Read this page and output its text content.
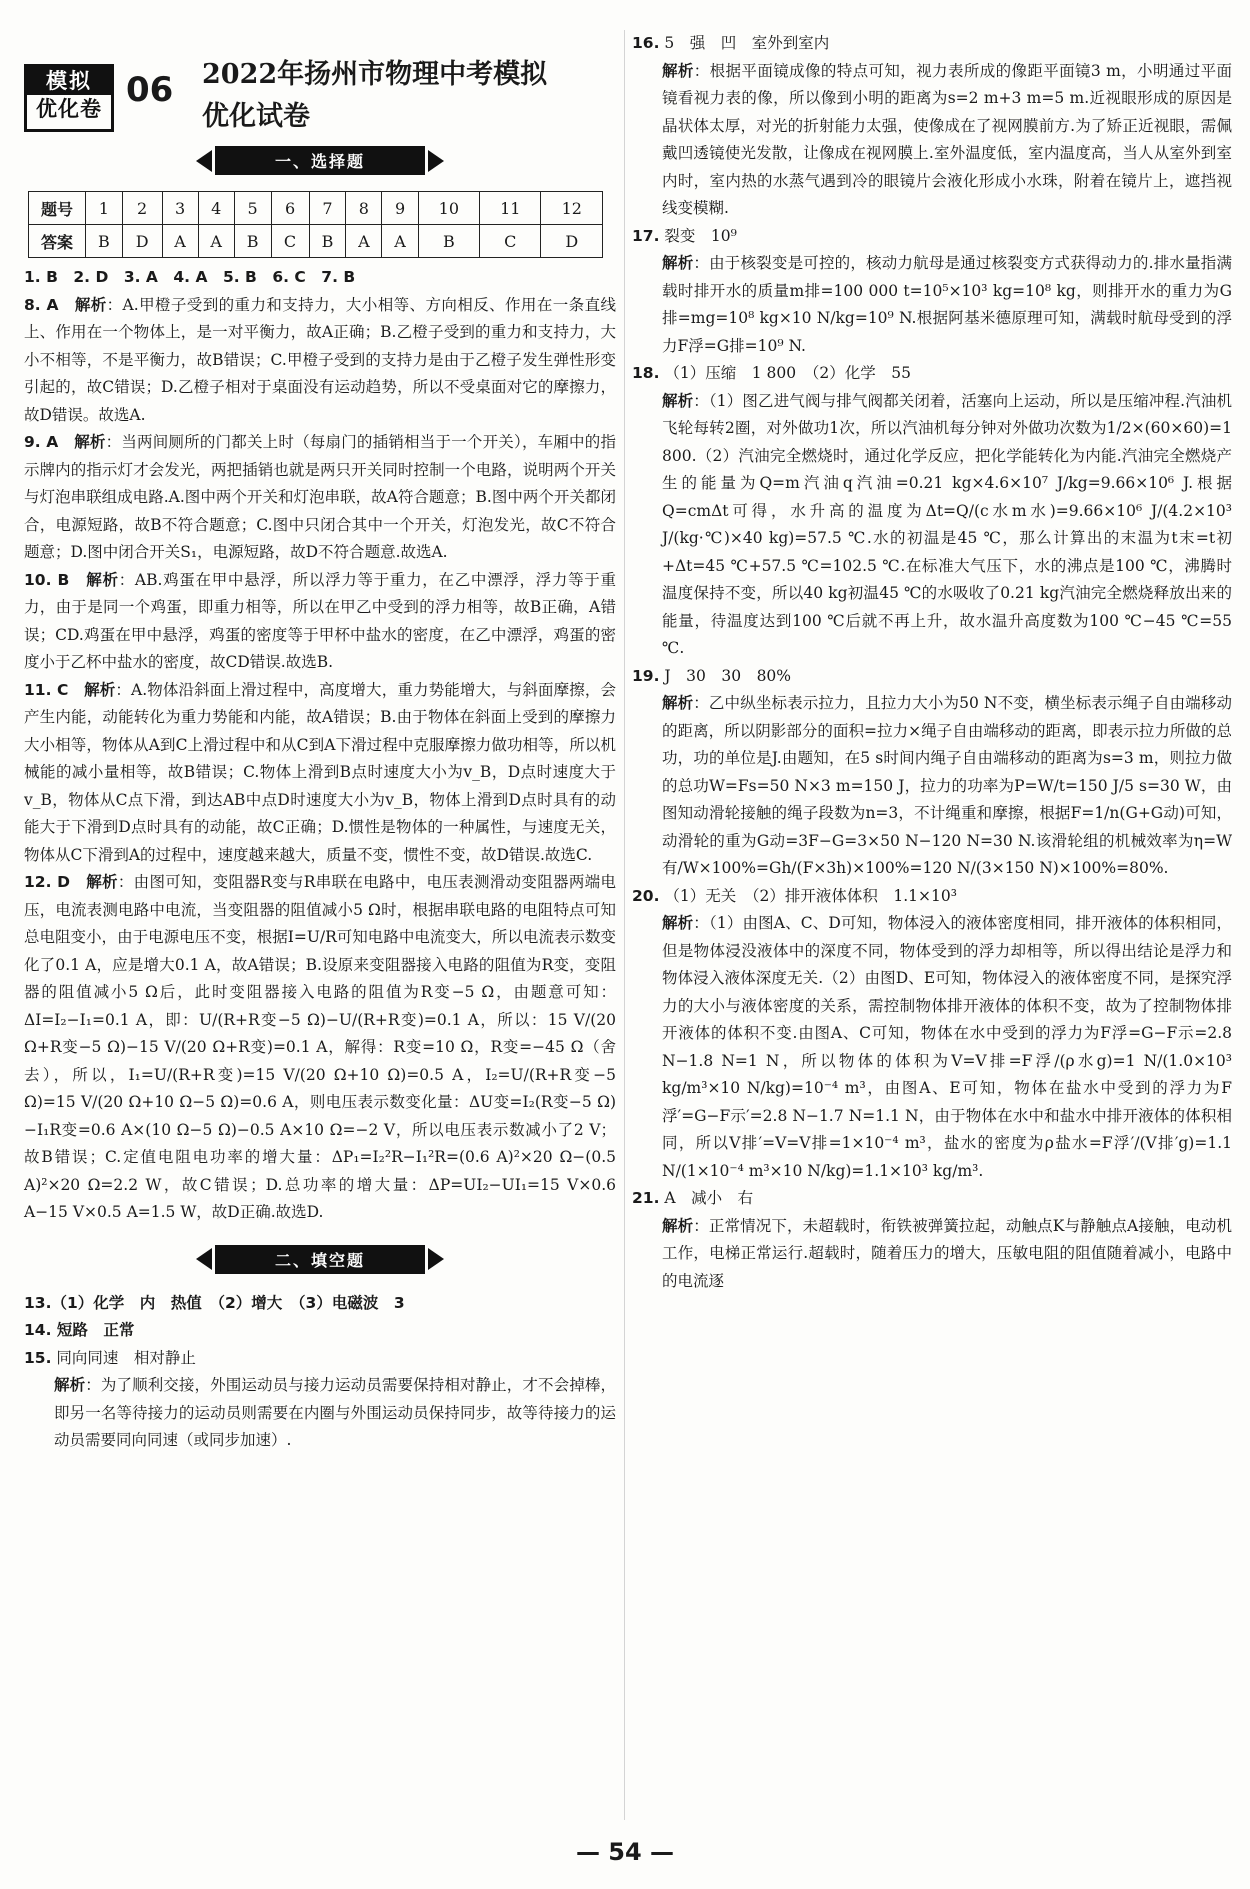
模拟
优化卷 06	2022年扬州市物理中考模拟
优化试卷
一、选择题
题号	1	2	3	4	5	6	7	8	9	10	11	12
答案	B	D	A	A	B	C	B	A	A	B	C	D

1. B　2. D　3. A　4. A　5. B　6. C　7. B

8. A　 解析：A.甲橙子受到的重力和支持力，大小相等、方向相反、作用在一条直线上、作用在一个物体上，是一对平衡力，故A正确；B.乙橙子受到的重力和支持力，大小不相等，不是平衡力，故B错误；C.甲橙子受到的支持力是由于乙橙子发生弹性形变引起的，故C错误；D.乙橙子相对于桌面没有运动趋势，所以不受桌面对它的摩擦力，故D错误。故选A.

9. A　 解析：当两间厕所的门都关上时（每扇门的插销相当于一个开关），车厢中的指示牌内的指示灯才会发光，两把插销也就是两只开关同时控制一个电路，说明两个开关与灯泡串联组成电路.A.图中两个开关和灯泡串联，故A符合题意；B.图中两个开关都闭合，电源短路，故B不符合题意；C.图中只闭合其中一个开关，灯泡发光，故C不符合题意；D.图中闭合开关S₁，电源短路，故D不符合题意.故选A.

10. B　 解析：AB.鸡蛋在甲中悬浮，所以浮力等于重力，在乙中漂浮，浮力等于重力，由于是同一个鸡蛋，即重力相等，所以在甲乙中受到的浮力相等，故B正确，A错误；CD.鸡蛋在甲中悬浮，鸡蛋的密度等于甲杯中盐水的密度，在乙中漂浮，鸡蛋的密度小于乙杯中盐水的密度，故CD错误.故选B.

11. C　 解析：A.物体沿斜面上滑过程中，高度增大，重力势能增大，与斜面摩擦，会产生内能，动能转化为重力势能和内能，故A错误；B.由于物体在斜面上受到的摩擦力大小相等，物体从A到C上滑过程中和从C到A下滑过程中克服摩擦力做功相等，所以机械能的减小量相等，故B错误；C.物体上滑到B点时速度大小为v_B，D点时速度大于v_B，物体从C点下滑，到达AB中点D时速度大小为v_B，物体上滑到D点时具有的动能大于下滑到D点时具有的动能，故C正确；D.惯性是物体的一种属性，与速度无关，物体从C下滑到A的过程中，速度越来越大，质量不变，惯性不变，故D错误.故选C.

12. D　 解析：由图可知，变阻器R变与R串联在电路中，电压表测滑动变阻器两端电压，电流表测电路中电流，当变阻器的阻值减小5 Ω时，根据串联电路的电阻特点可知总电阻变小，由于电源电压不变，根据I=U/R可知电路中电流变大，所以电流表示数变化了0.1 A，应是增大0.1 A，故A错误；B.设原来变阻器接入电路的阻值为R变，变阻器的阻值减小5 Ω后，此时变阻器接入电路的阻值为R变−5 Ω，由题意可知：ΔI=I₂−I₁=0.1 A，即：U/(R+R变−5 Ω)−U/(R+R变)=0.1 A，所以：15 V/(20 Ω+R变−5 Ω)−15 V/(20 Ω+R变)=0.1 A，解得：R变=10 Ω，R变=−45 Ω（舍去），所以，I₁=U/(R+R变)=15 V/(20 Ω+10 Ω)=0.5 A，I₂=U/(R+R变−5 Ω)=15 V/(20 Ω+10 Ω−5 Ω)=0.6 A，则电压表示数变化量：ΔU变=I₂(R变−5 Ω)−I₁R变=0.6 A×(10 Ω−5 Ω)−0.5 A×10 Ω=−2 V，所以电压表示数减小了2 V；故B错误；C.定值电阻电功率的增大量：ΔP₁=I₂²R−I₁²R=(0.6 A)²×20 Ω−(0.5 A)²×20 Ω=2.2 W，故C错误；D.总功率的增大量：ΔP=UI₂−UI₁=15 V×0.6 A−15 V×0.5 A=1.5 W，故D正确.故选D.

二、填空题

13.（1）化学　内　热值　（2）增大　（3）电磁波　3

14. 短路　正常

15. 同向同速　相对静止

解析：为了顺利交接，外围运动员与接力运动员需要保持相对静止，才不会掉棒，即另一名等待接力的运动员则需要在内圈与外围运动员保持同步，故等待接力的运动员需要同向同速（或同步加速）.

16. 5　强　凹　室外到室内

解析：根据平面镜成像的特点可知，视力表所成的像距平面镜3 m，小明通过平面镜看视力表的像，所以像到小明的距离为s=2 m+3 m=5 m.近视眼形成的原因是晶状体太厚，对光的折射能力太强，使像成在了视网膜前方.为了矫正近视眼，需佩戴凹透镜使光发散，让像成在视网膜上.室外温度低，室内温度高，当人从室外到室内时，室内热的水蒸气遇到冷的眼镜片会液化形成小水珠，附着在镜片上，遮挡视线变模糊.

17. 裂变　10⁹

解析：由于核裂变是可控的，核动力航母是通过核裂变方式获得动力的.排水量指满载时排开水的质量m排=100 000 t=10⁵×10³ kg=10⁸ kg，则排开水的重力为G排=mg=10⁸ kg×10 N/kg=10⁹ N.根据阿基米德原理可知，满载时航母受到的浮力F浮=G排=10⁹ N.

18. （1）压缩　1 800　（2）化学　55

解析：（1）图乙进气阀与排气阀都关闭着，活塞向上运动，所以是压缩冲程.汽油机飞轮每转2圈，对外做功1次，所以汽油机每分钟对外做功次数为1/2×(60×60)=1 800.（2）汽油完全燃烧时，通过化学反应，把化学能转化为内能.汽油完全燃烧产生的能量为Q=m汽油q汽油=0.21 kg×4.6×10⁷ J/kg=9.66×10⁶ J.根据Q=cmΔt可得，水升高的温度为Δt=Q/(c水m水)=9.66×10⁶ J/(4.2×10³ J/(kg·℃)×40 kg)=57.5 ℃.水的初温是45 ℃，那么计算出的末温为t末=t初+Δt=45 ℃+57.5 ℃=102.5 ℃.在标准大气压下，水的沸点是100 ℃，沸腾时温度保持不变，所以40 kg初温45 ℃的水吸收了0.21 kg汽油完全燃烧释放出来的能量，待温度达到100 ℃后就不再上升，故水温升高度数为100 ℃−45 ℃=55 ℃.

19. J　30　30　80%

解析：乙中纵坐标表示拉力，且拉力大小为50 N不变，横坐标表示绳子自由端移动的距离，所以阴影部分的面积=拉力×绳子自由端移动的距离，即表示拉力所做的总功，功的单位是J.由题知，在5 s时间内绳子自由端移动的距离为s=3 m，则拉力做的总功W=Fs=50 N×3 m=150 J，拉力的功率为P=W/t=150 J/5 s=30 W，由图知动滑轮接触的绳子段数为n=3，不计绳重和摩擦，根据F=1/n(G+G动)可知，动滑轮的重为G动=3F−G=3×50 N−120 N=30 N.该滑轮组的机械效率为η=W有/W×100%=Gh/(F×3h)×100%=120 N/(3×150 N)×100%=80%.

20. （1）无关　（2）排开液体体积　1.1×10³

解析：（1）由图A、C、D可知，物体浸入的液体密度相同，排开液体的体积相同，但是物体浸没液体中的深度不同，物体受到的浮力却相等，所以得出结论是浮力和物体浸入液体深度无关.（2）由图D、E可知，物体浸入的液体密度不同，是探究浮力的大小与液体密度的关系，需控制物体排开液体的体积不变，故为了控制物体排开液体的体积不变.由图A、C可知，物体在水中受到的浮力为F浮=G−F示=2.8 N−1.8 N=1 N，所以物体的体积为V=V排=F浮/(ρ水g)=1 N/(1.0×10³ kg/m³×10 N/kg)=10⁻⁴ m³，由图A、E可知，物体在盐水中受到的浮力为F浮′=G−F示′=2.8 N−1.7 N=1.1 N，由于物体在水中和盐水中排开液体的体积相同，所以V排′=V=V排=1×10⁻⁴ m³，盐水的密度为ρ盐水=F浮′/(V排′g)=1.1 N/(1×10⁻⁴ m³×10 N/kg)=1.1×10³ kg/m³.

21. A　减小　右

解析：正常情况下，未超载时，衔铁被弹簧拉起，动触点K与静触点A接触，电动机工作，电梯正常运行.超载时，随着压力的增大，压敏电阻的阻值随着减小，电路中的电流逐

— 54 —
